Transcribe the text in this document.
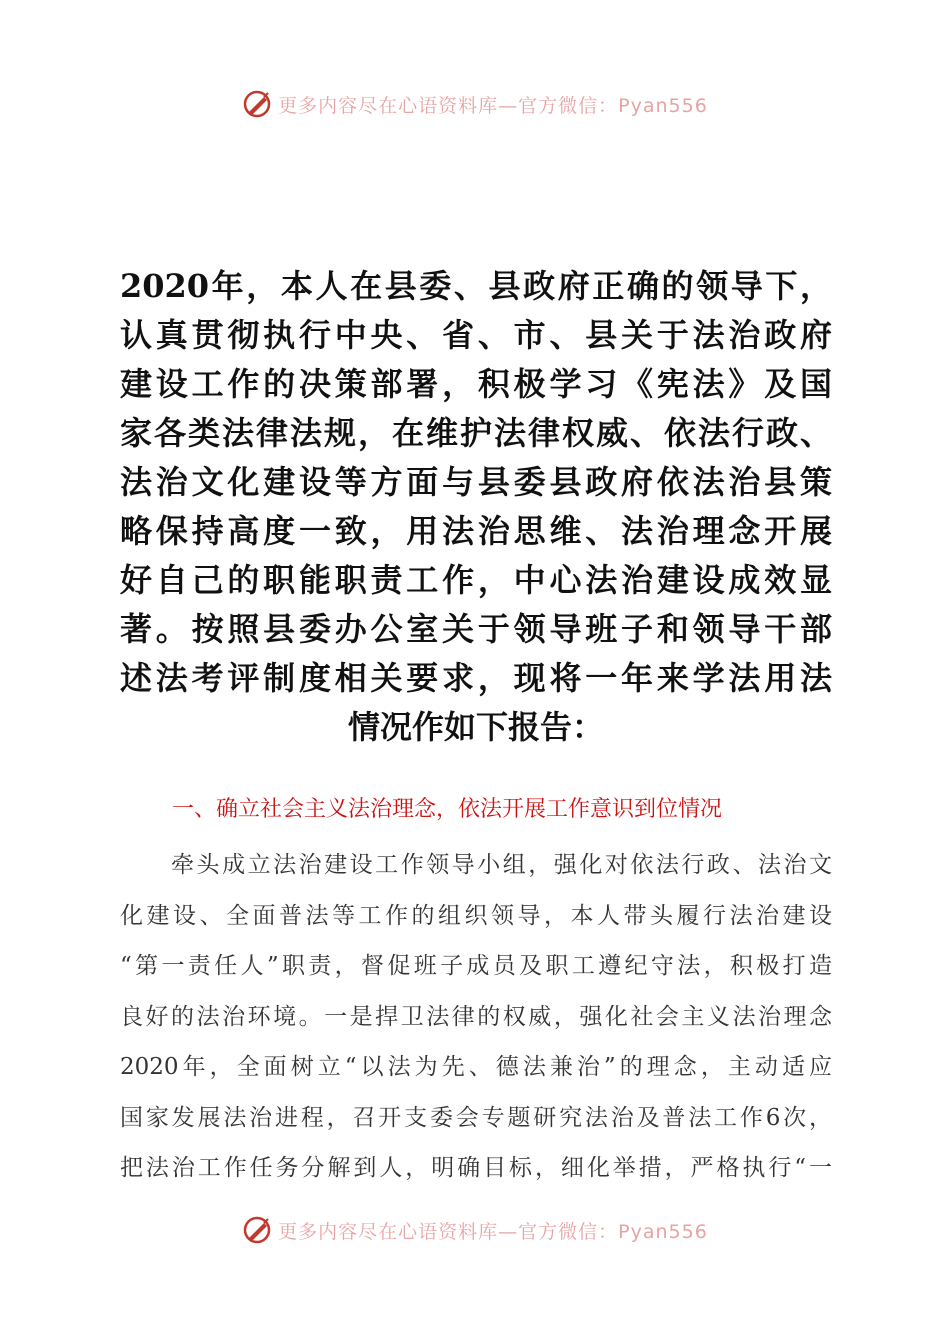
更多内容尽在心语资料库—官方微信：Pyan556
2020年，本人在县委、县政府正确的领导下，
认真贯彻执行中央、省、市、县关于法治政府
建设工作的决策部署，积极学习《宪法》及国
家各类法律法规，在维护法律权威、依法行政、
法治文化建设等方面与县委县政府依法治县策
略保持高度一致，用法治思维、法治理念开展
好自己的职能职责工作，中心法治建设成效显
著。按照县委办公室关于领导班子和领导干部
述法考评制度相关要求，现将一年来学法用法
情况作如下报告：
一、确立社会主义法治理念，依法开展工作意识到位情况
　　牵头成立法治建设工作领导小组，强化对依法行政、法治文
化建设、全面普法等工作的组织领导，本人带头履行法治建设
“第一责任人”职责，督促班子成员及职工遵纪守法，积极打造
良好的法治环境。一是捍卫法律的权威，强化社会主义法治理念
2020年，全面树立“以法为先、德法兼治”的理念，主动适应
国家发展法治进程，召开支委会专题研究法治及普法工作6次，
把法治工作任务分解到人，明确目标，细化举措，严格执行“一
更多内容尽在心语资料库—官方微信：Pyan556
